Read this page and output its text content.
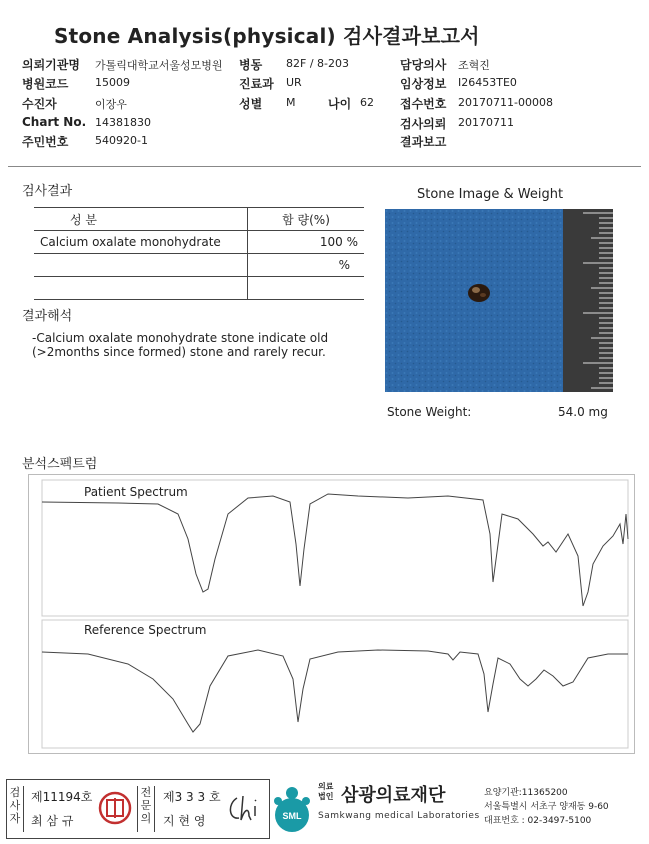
Stone Analysis(physical) 검사결과보고서
의뢰기관명 가톨릭대학교서울성모병원 병동 82F / 8-203	담당의사 조혁진
병원코드 15009	진료과 UR	임상정보 I26453TE0
수진자	이장우	성별 M	나이 62 접수번호 20170711-00008
Chart No. 14381830	검사의뢰 20170711
주민번호 540920-1	결과보고
검사결과
성 분	함 량(%)
Calcium oxalate monohydrate	100 %
	%

결과해석
-Calcium oxalate monohydrate stone indicate old
(>2months since formed) stone and rarely recur.
Stone Image & Weight
Stone Weight:	54.0 mg
분석스펙트럼
Patient Spectrum
Reference Spectrum
검사자
제11194호
최 삼 규
전문의
제3 3 3 호
지 현 영	SML
의료
법인 삼광의료재단
Samkwang medical Laboratories
요양기관:11365200
서울특별시 서초구 양재동 9-60
대표번호 : 02-3497-5100
